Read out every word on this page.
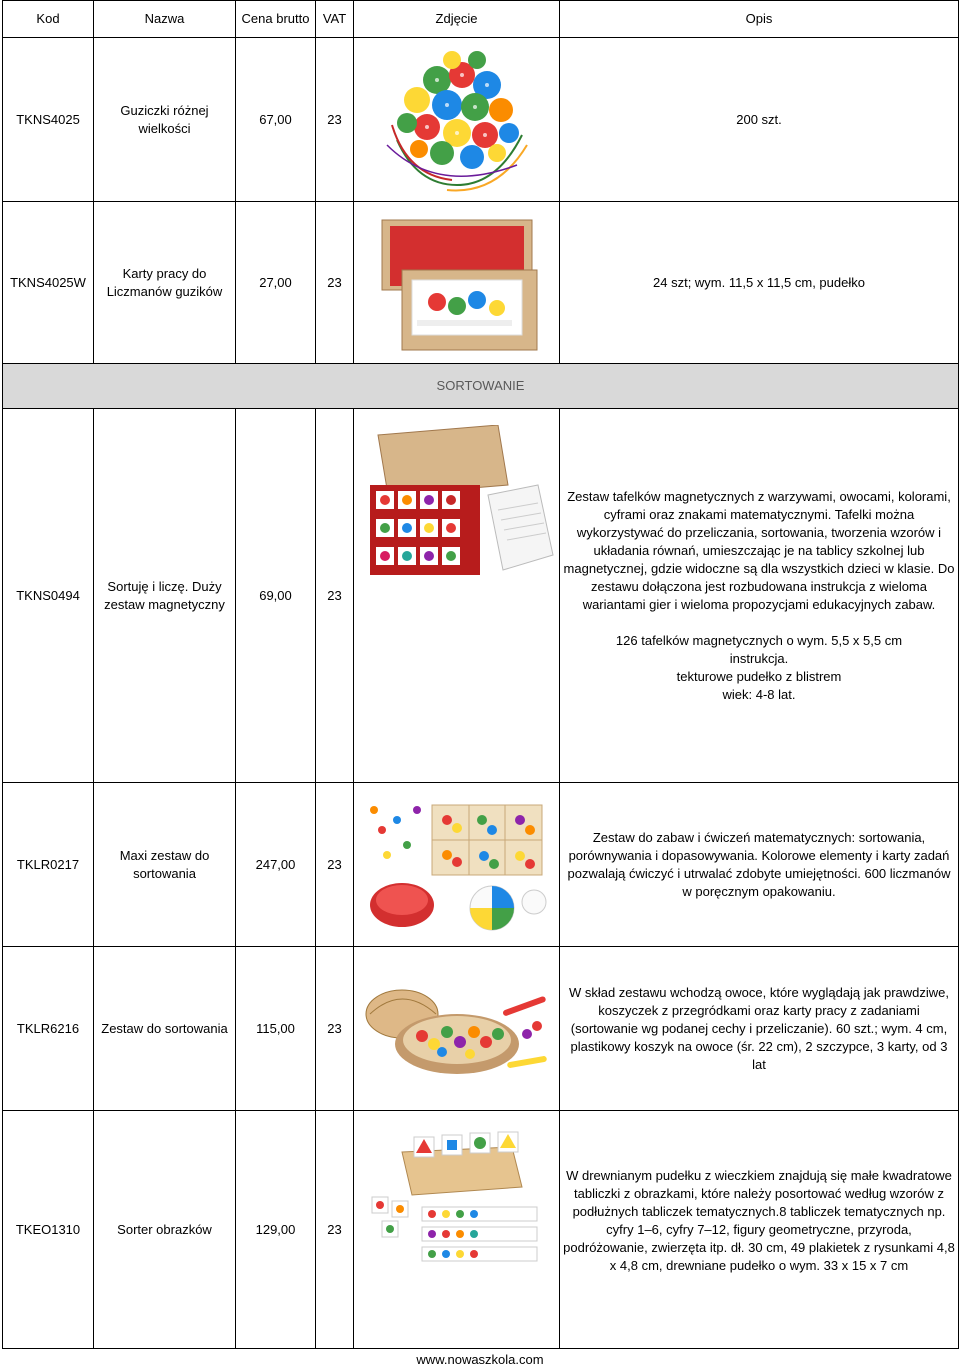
Kod	Nazwa	Cena brutto	VAT	Zdjęcie	Opis
TKNS4025	Guziczki różnej wielkości	67,00	23		200 szt.
TKNS4025W	Karty pracy do Liczmanów guzików	27,00	23		24 szt; wym. 11,5 x 11,5 cm, pudełko
SORTOWANIE					
TKNS0494	Sortuję i liczę. Duży zestaw magnetyczny	69,00	23		Zestaw tafelków magnetycznych z warzywami, owocami, kolorami, cyframi oraz znakami matematycznymi. Tafelki można wykorzystywać do przeliczania, sortowania, tworzenia wzorów i układania równań, umieszczając je na tablicy szkolnej lub magnetycznej, gdzie widoczne są dla wszystkich dzieci w klasie. Do zestawu dołączona jest rozbudowana instrukcja z wieloma wariantami gier i wieloma propozycjami edukacyjnych zabaw.

126 tafelków magnetycznych o wym. 5,5 x 5,5 cm

instrukcja.

tekturowe pudełko z blistrem

wiek: 4-8 lat.

TKLR0217	Maxi zestaw do sortowania	247,00	23		Zestaw do zabaw i ćwiczeń matematycznych: sortowania, porównywania i dopasowywania. Kolorowe elementy i karty zadań pozwalają ćwiczyć i utrwalać zdobyte umiejętności. 600 liczmanów w poręcznym opakowaniu.
TKLR6216	Zestaw do sortowania	115,00	23		W skład zestawu wchodzą owoce, które wyglądają jak prawdziwe, koszyczek z przegródkami oraz karty pracy z zadaniami (sortowanie wg podanej cechy i przeliczanie). 60 szt.; wym. 4 cm, plastikowy koszyk na owoce (śr. 22 cm), 2 szczypce, 3 karty, od 3 lat
TKEO1310	Sorter obrazków	129,00	23		W drewnianym pudełku z wieczkiem znajdują się małe kwadratowe tabliczki z obrazkami, które należy posortować według wzorów z podłużnych tabliczek tematycznych.8 tabliczek tematycznych np. cyfry 1–6, cyfry 7–12, figury geometryczne, przyroda, podróżowanie, zwierzęta itp. dł. 30 cm, 49 plakietek z rysunkami 4,8 x 4,8 cm, drewniane pudełko o wym. 33 x 15 x 7 cm
www.nowaszkola.com
